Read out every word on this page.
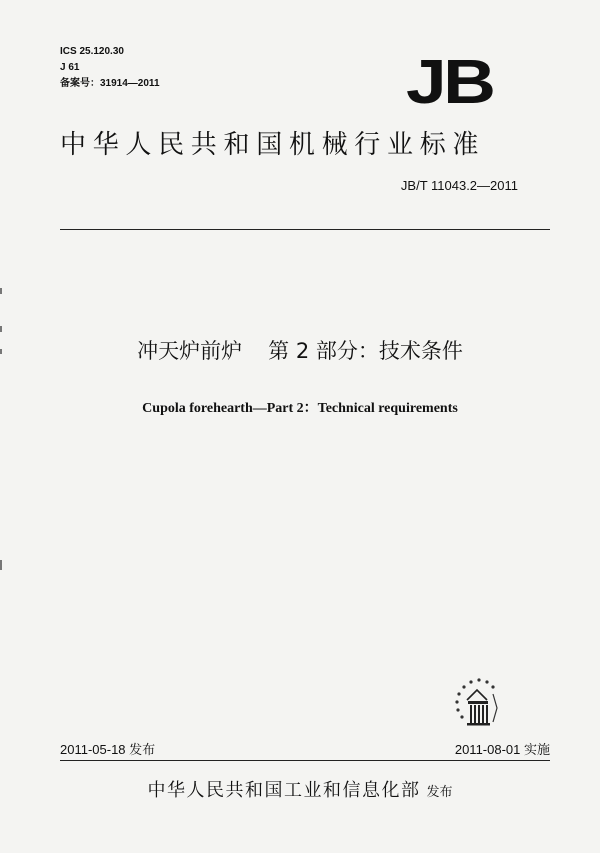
ICS 25.120.30
J 61
备案号：31914—2011	JB
中华人民共和国机械行业标准
JB/T 11043.2—2011
冲天炉前炉 第 2 部分：技术条件
Cupola forehearth—Part 2：Technical requirements
2011-05-18 发布	2011-08-01 实施
中华人民共和国工业和信息化部 发布
